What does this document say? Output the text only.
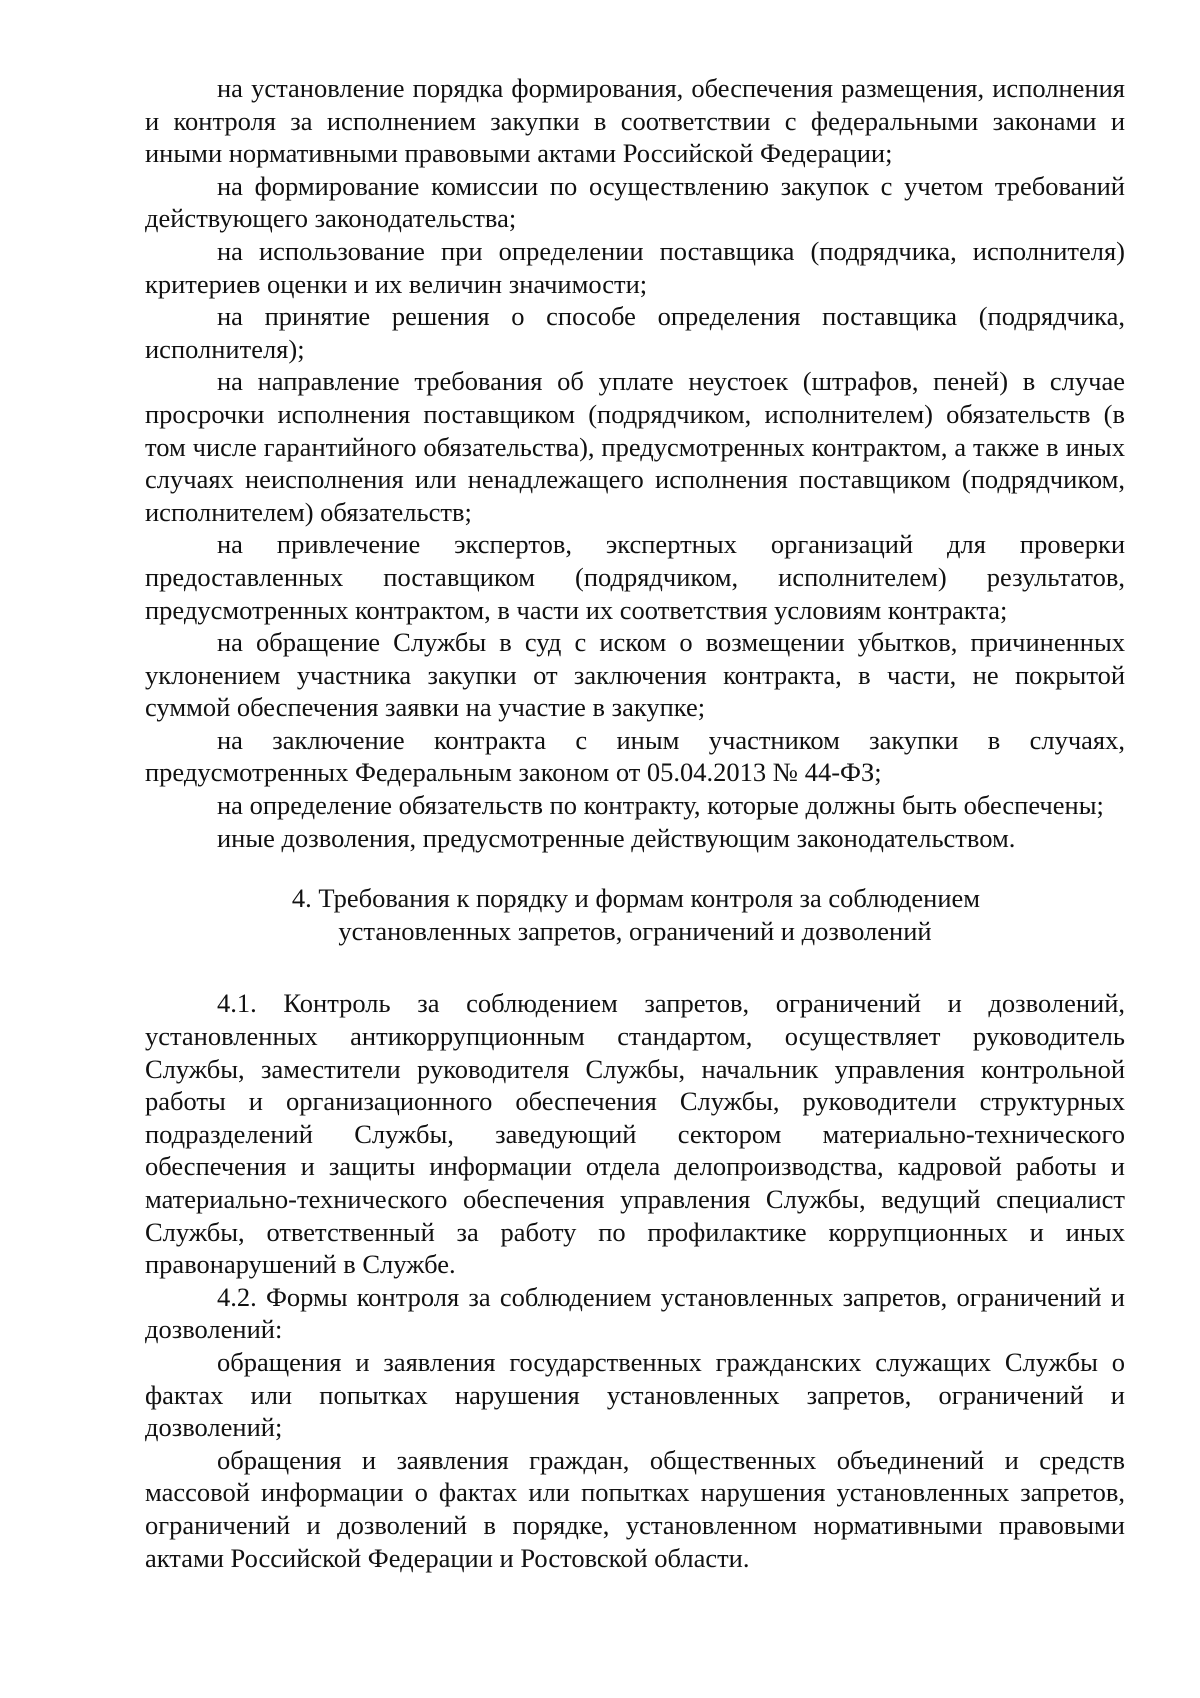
на установление порядка формирования, обеспечения размещения, исполнения и контроля за исполнением закупки в соответствии с федеральными законами и иными нормативными правовыми актами Российской Федерации;

на формирование комиссии по осуществлению закупок с учетом требований действующего законодательства;

на использование при определении поставщика (подрядчика, исполнителя) критериев оценки и их величин значимости;

на принятие решения о способе определения поставщика (подрядчика, исполнителя);

на направление требования об уплате неустоек (штрафов, пеней) в случае просрочки исполнения поставщиком (подрядчиком, исполнителем) обязательств (в том числе гарантийного обязательства), предусмотренных контрактом, а также в иных случаях неисполнения или ненадлежащего исполнения поставщиком (подрядчиком, исполнителем) обязательств;

на привлечение экспертов, экспертных организаций для проверки предоставленных поставщиком (подрядчиком, исполнителем) результатов, предусмотренных контрактом, в части их соответствия условиям контракта;

на обращение Службы в суд с иском о возмещении убытков, причиненных уклонением участника закупки от заключения контракта, в части, не покрытой суммой обеспечения заявки на участие в закупке;

на заключение контракта с иным участником закупки в случаях, предусмотренных Федеральным законом от 05.04.2013 № 44-ФЗ;

на определение обязательств по контракту, которые должны быть обеспечены;

иные дозволения, предусмотренные действующим законодательством.

4. Требования к порядку и формам контроля за соблюдением
установленных запретов, ограничений и дозволений

4.1. Контроль за соблюдением запретов, ограничений и дозволений, установленных антикоррупционным стандартом, осуществляет руководитель Службы, заместители руководителя Службы, начальник управления контрольной работы и организационного обеспечения Службы, руководители структурных подразделений Службы, заведующий сектором материально-технического обеспечения и защиты информации отдела делопроизводства, кадровой работы и материально-технического обеспечения управления Службы, ведущий специалист Службы, ответственный за работу по профилактике коррупционных и иных правонарушений в Службе.

4.2. Формы контроля за соблюдением установленных запретов, ограничений и дозволений:

обращения и заявления государственных гражданских служащих Службы о фактах или попытках нарушения установленных запретов, ограничений и дозволений;

обращения и заявления граждан, общественных объединений и средств массовой информации о фактах или попытках нарушения установленных запретов, ограничений и дозволений в порядке, установленном нормативными правовыми актами Российской Федерации и Ростовской области.
